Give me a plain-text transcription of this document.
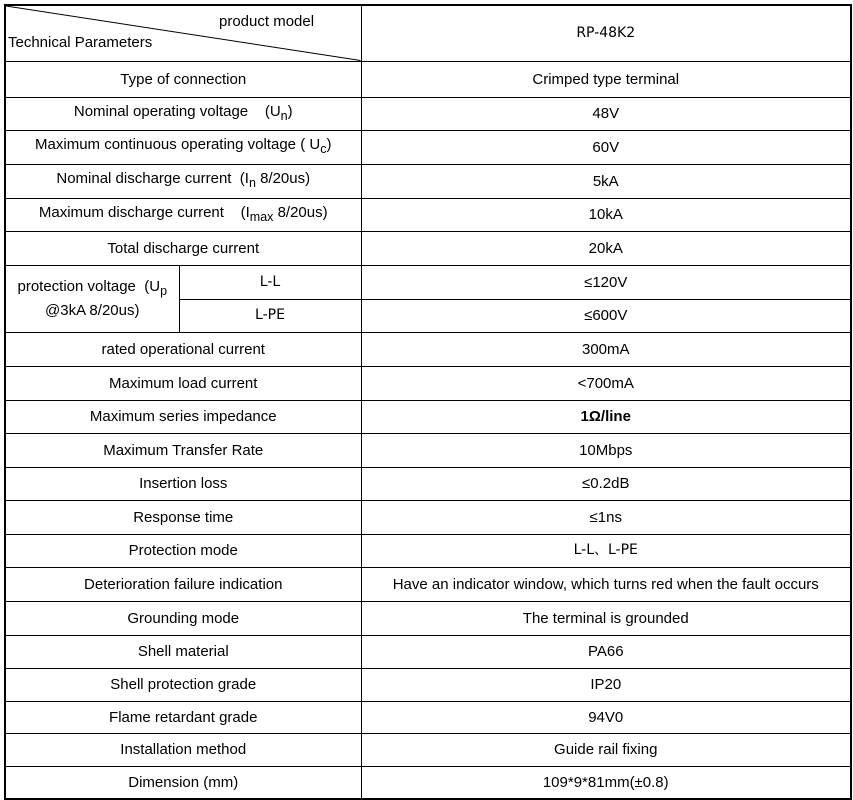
product model
Technical Parameters		RP-48K2
Type of connection		Crimped type terminal
Nominal operating voltage    $(U_n)$		48V
Maximum continuous operating voltage ( $U_c$)		60V
Nominal discharge current  ($I_n$ 8/20us)		5kA
Maximum discharge current    ($I_{max}$ 8/20us)		10kA
Total discharge current		20kA
protection voltage  ($U_p$
@3kA 8/20us)	L-L	≤120V
	L-PE	≤600V
rated operational current		300mA
Maximum load current		<700mA
Maximum series impedance		1Ω/line
Maximum Transfer Rate		10Mbps
Insertion loss		≤0.2dB
Response time		≤1ns
Protection mode		L-L、L-PE
Deterioration failure indication		Have an indicator window, which turns red when the fault occurs
Grounding mode		The terminal is grounded
Shell material		PA66
Shell protection grade		IP20
Flame retardant grade		94V0
Installation method		Guide rail fixing
Dimension (mm)		109*9*81mm(±0.8)
